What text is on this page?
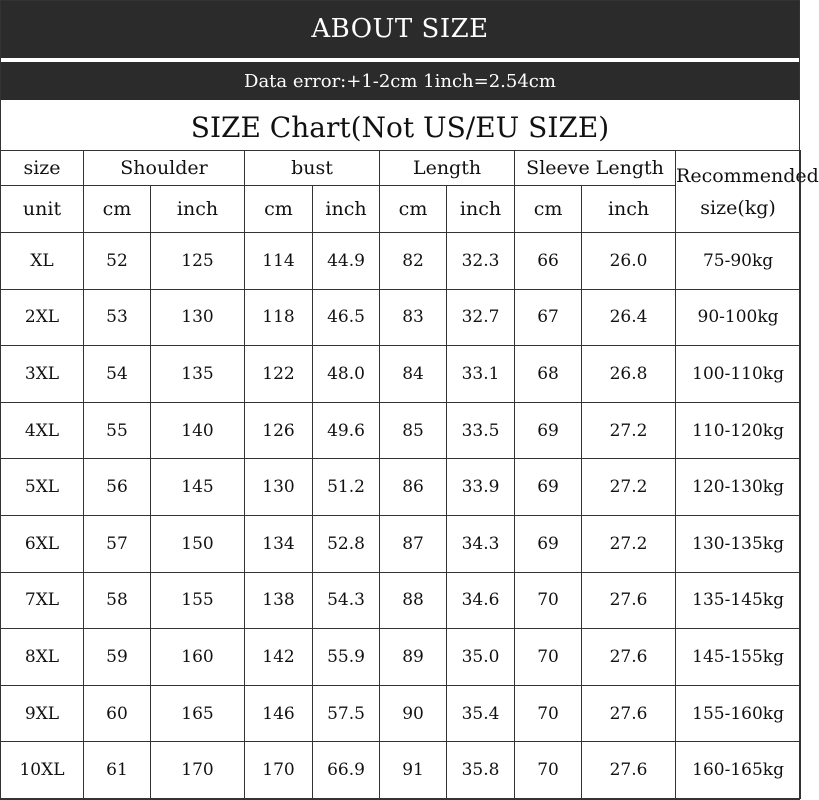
ABOUT SIZE
Data error:+1-2cm 1inch=2.54cm
SIZE Chart(Not US/EU SIZE)
size	Shoulder		bust		Length		Sleeve Length		Recommended
size(kg)
unit	cm	inch	cm	inch	cm	inch	cm	inch	
XL	52	125	114	44.9	82	32.3	66	26.0	75-90kg
2XL	53	130	118	46.5	83	32.7	67	26.4	90-100kg
3XL	54	135	122	48.0	84	33.1	68	26.8	100-110kg
4XL	55	140	126	49.6	85	33.5	69	27.2	110-120kg
5XL	56	145	130	51.2	86	33.9	69	27.2	120-130kg
6XL	57	150	134	52.8	87	34.3	69	27.2	130-135kg
7XL	58	155	138	54.3	88	34.6	70	27.6	135-145kg
8XL	59	160	142	55.9	89	35.0	70	27.6	145-155kg
9XL	60	165	146	57.5	90	35.4	70	27.6	155-160kg
10XL	61	170	170	66.9	91	35.8	70	27.6	160-165kg
